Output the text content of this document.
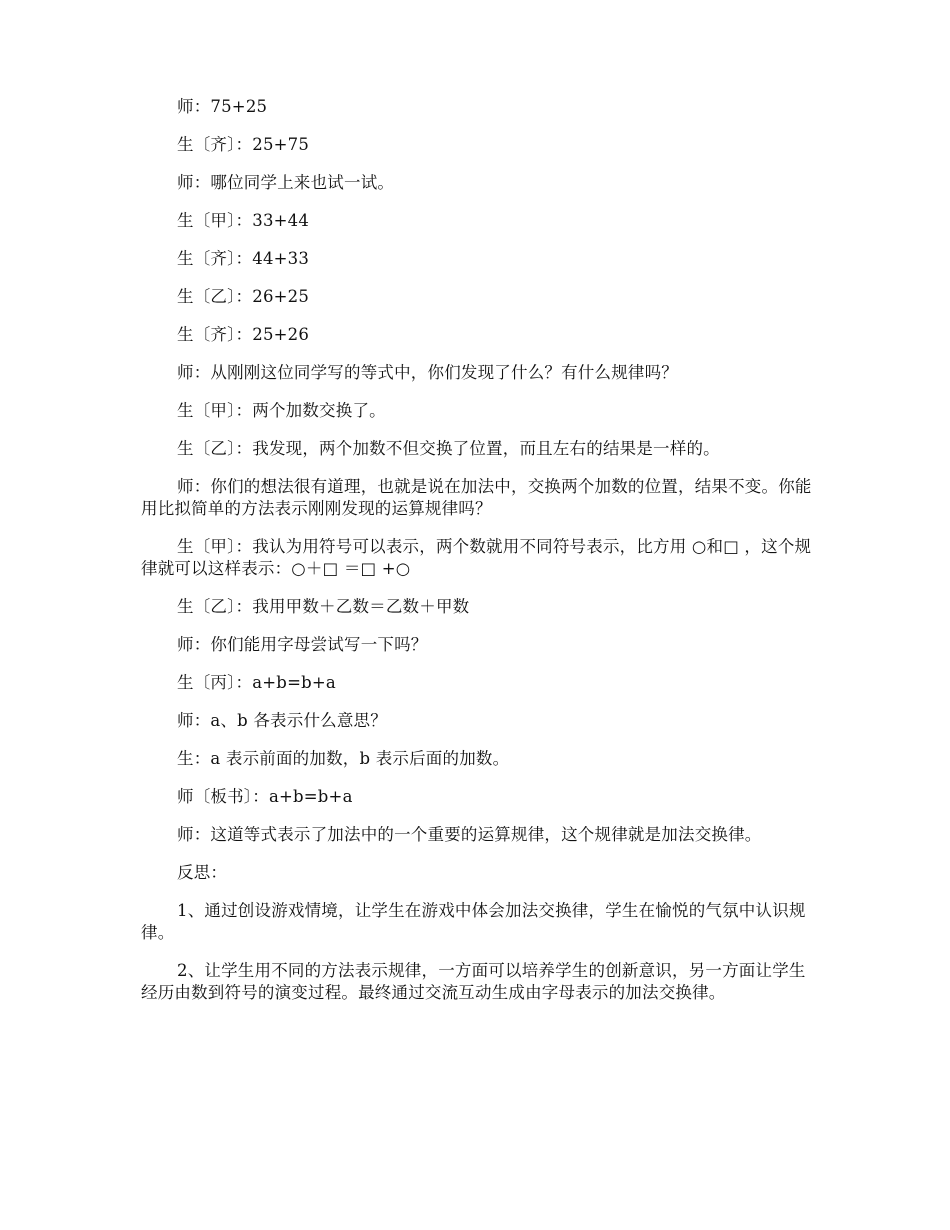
师：75+25

生〔齐〕：25+75

师：哪位同学上来也试一试。

生〔甲〕：33+44

生〔齐〕：44+33

生〔乙〕：26+25

生〔齐〕：25+26

师：从刚刚这位同学写的等式中，你们发现了什么？有什么规律吗？

生〔甲〕：两个加数交换了。

生〔乙〕：我发现，两个加数不但交换了位置，而且左右的结果是一样的。

师：你们的想法很有道理，也就是说在加法中，交换两个加数的位置，结果不变。你能用比拟简单的方法表示刚刚发现的运算规律吗？

生〔甲〕：我认为用符号可以表示，两个数就用不同符号表示，比方用 ○和□ ，这个规律就可以这样表示：○＋□ ＝□ +○

生〔乙〕：我用甲数＋乙数＝乙数＋甲数

师：你们能用字母尝试写一下吗？

生〔丙〕：a+b=b+a

师：a、b 各表示什么意思？

生：a 表示前面的加数，b 表示后面的加数。

师〔板书〕：a+b=b+a

师：这道等式表示了加法中的一个重要的运算规律，这个规律就是加法交换律。

反思：

1、通过创设游戏情境，让学生在游戏中体会加法交换律，学生在愉悦的气氛中认识规律。

2、让学生用不同的方法表示规律，一方面可以培养学生的创新意识，另一方面让学生经历由数到符号的演变过程。最终通过交流互动生成由字母表示的加法交换律。
